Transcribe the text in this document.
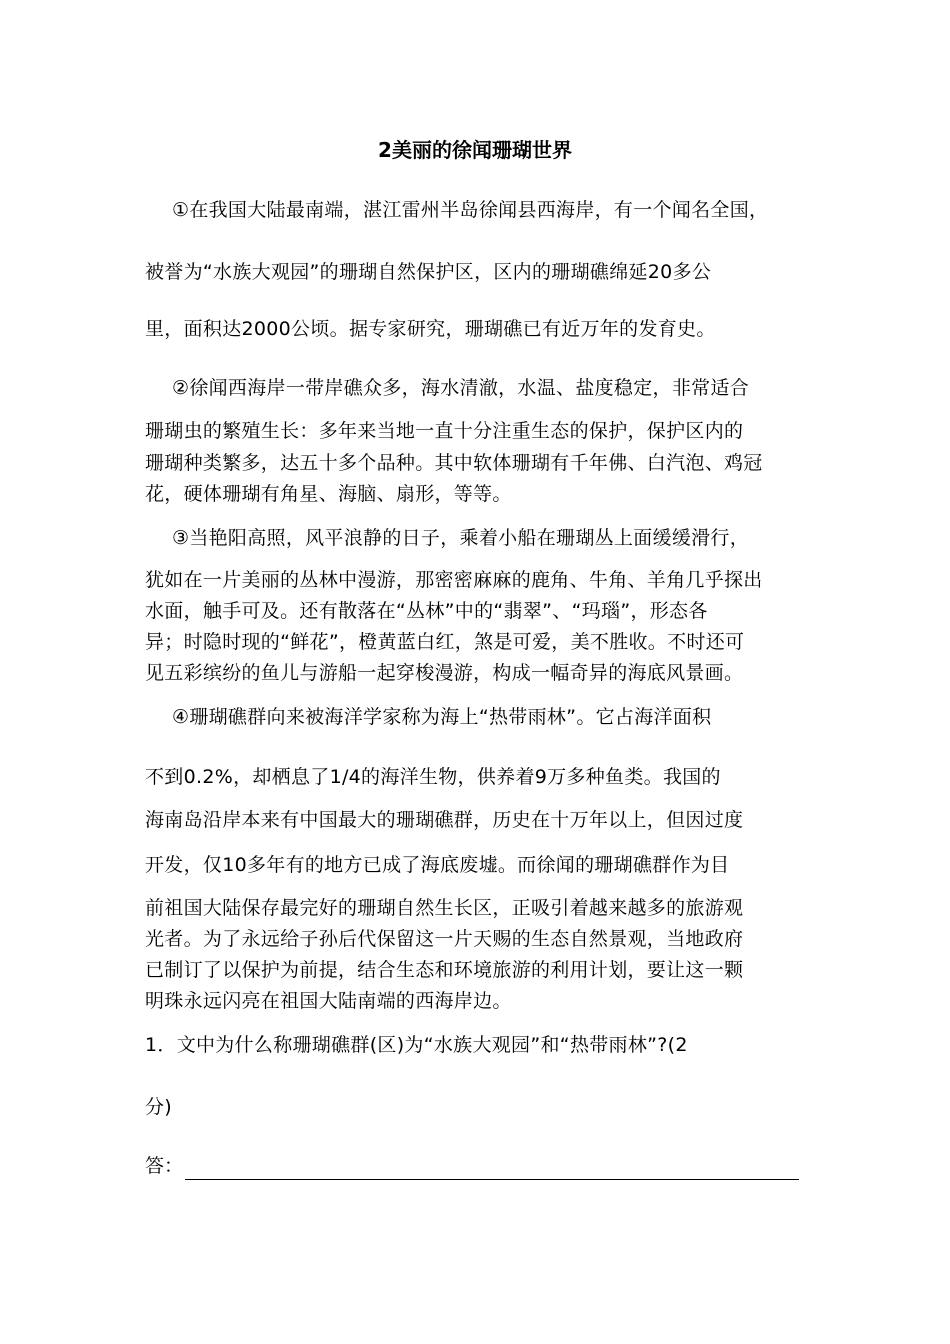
2美丽的徐闻珊瑚世界
①在我国大陆最南端，湛江雷州半岛徐闻县西海岸，有一个闻名全国，
被誉为“水族大观园”的珊瑚自然保护区，区内的珊瑚礁绵延20多公
里，面积达2000公顷。据专家研究，珊瑚礁已有近万年的发育史。
②徐闻西海岸一带岸礁众多，海水清澈，水温、盐度稳定，非常适合
珊瑚虫的繁殖生长：多年来当地一直十分注重生态的保护，保护区内的
珊瑚种类繁多，达五十多个品种。其中软体珊瑚有千年佛、白汽泡、鸡冠
花，硬体珊瑚有角星、海脑、扇形，等等。
③当艳阳高照，风平浪静的日子，乘着小船在珊瑚丛上面缓缓滑行，
犹如在一片美丽的丛林中漫游，那密密麻麻的鹿角、牛角、羊角几乎探出
水面，触手可及。还有散落在“丛林”中的“翡翠”、“玛瑙”，形态各
异；时隐时现的“鲜花”，橙黄蓝白红，煞是可爱，美不胜收。不时还可
见五彩缤纷的鱼儿与游船一起穿梭漫游，构成一幅奇异的海底风景画。
④珊瑚礁群向来被海洋学家称为海上“热带雨林”。它占海洋面积
不到0.2%，却栖息了1/4的海洋生物，供养着9万多种鱼类。我国的
海南岛沿岸本来有中国最大的珊瑚礁群，历史在十万年以上，但因过度
开发，仅10多年有的地方已成了海底废墟。而徐闻的珊瑚礁群作为目
前祖国大陆保存最完好的珊瑚自然生长区，正吸引着越来越多的旅游观
光者。为了永远给子孙后代保留这一片天赐的生态自然景观，当地政府
已制订了以保护为前提，结合生态和环境旅游的利用计划，要让这一颗
明珠永远闪亮在祖国大陆南端的西海岸边。
1．文中为什么称珊瑚礁群(区)为“水族大观园”和“热带雨林”?(2
分)
答：
